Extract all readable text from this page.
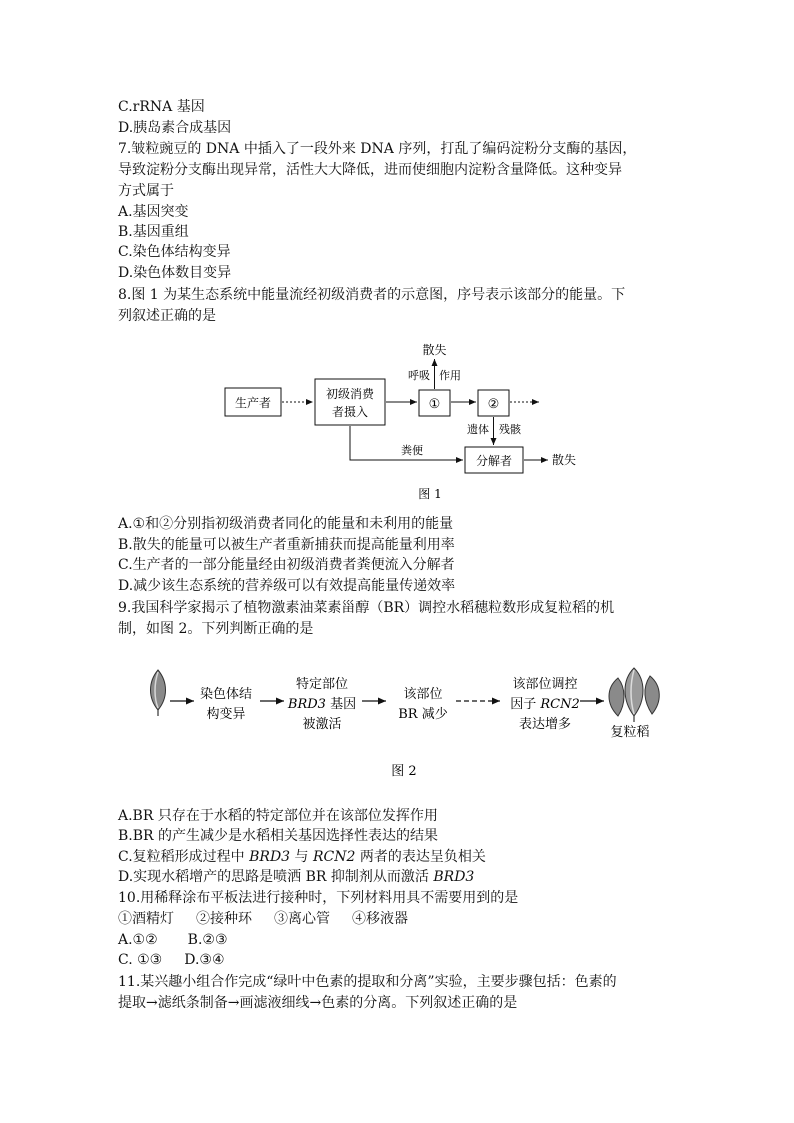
C.rRNA 基因
D.胰岛素合成基因
7.皱粒豌豆的 DNA 中插入了一段外来 DNA 序列，打乱了编码淀粉分支酶的基因，
导致淀粉分支酶出现异常，活性大大降低，进而使细胞内淀粉含量降低。这种变异
方式属于
A.基因突变
B.基因重组
C.染色体结构变异
D.染色体数目变异
8.图 1 为某生态系统中能量流经初级消费者的示意图，序号表示该部分的能量。下
列叙述正确的是
生产者
初级消费
者摄入	①	②
散失
呼吸 作用
遗体 残骸
粪便
分解者	散失
图 1
A.①和②分别指初级消费者同化的能量和未利用的能量
B.散失的能量可以被生产者重新捕获而提高能量利用率
C.生产者的一部分能量经由初级消费者粪便流入分解者
D.减少该生态系统的营养级可以有效提高能量传递效率
9.我国科学家揭示了植物激素油菜素甾醇（BR）调控水稻穗粒数形成复粒稻的机
制，如图 2。下列判断正确的是
染色体结
构变异
特定部位
BRD3 基因
被激活
该部位
BR 减少
该部位调控
因子 RCN2
表达增多
复粒稻
图 2
A.BR 只存在于水稻的特定部位并在该部位发挥作用
B.BR 的产生减少是水稻相关基因选择性表达的结果
C.复粒稻形成过程中 BRD3 与 RCN2 两者的表达呈负相关
D.实现水稻增产的思路是喷洒 BR 抑制剂从而激活 BRD3
10.用稀释涂布平板法进行接种时，下列材料用具不需要用到的是
①酒精灯 ②接种环 ③离心管 ④移液器
A.①② B.②③
C. ①③ D.③④
11.某兴趣小组合作完成“绿叶中色素的提取和分离”实验，主要步骤包括：色素的
提取→滤纸条制备→画滤液细线→色素的分离。下列叙述正确的是
